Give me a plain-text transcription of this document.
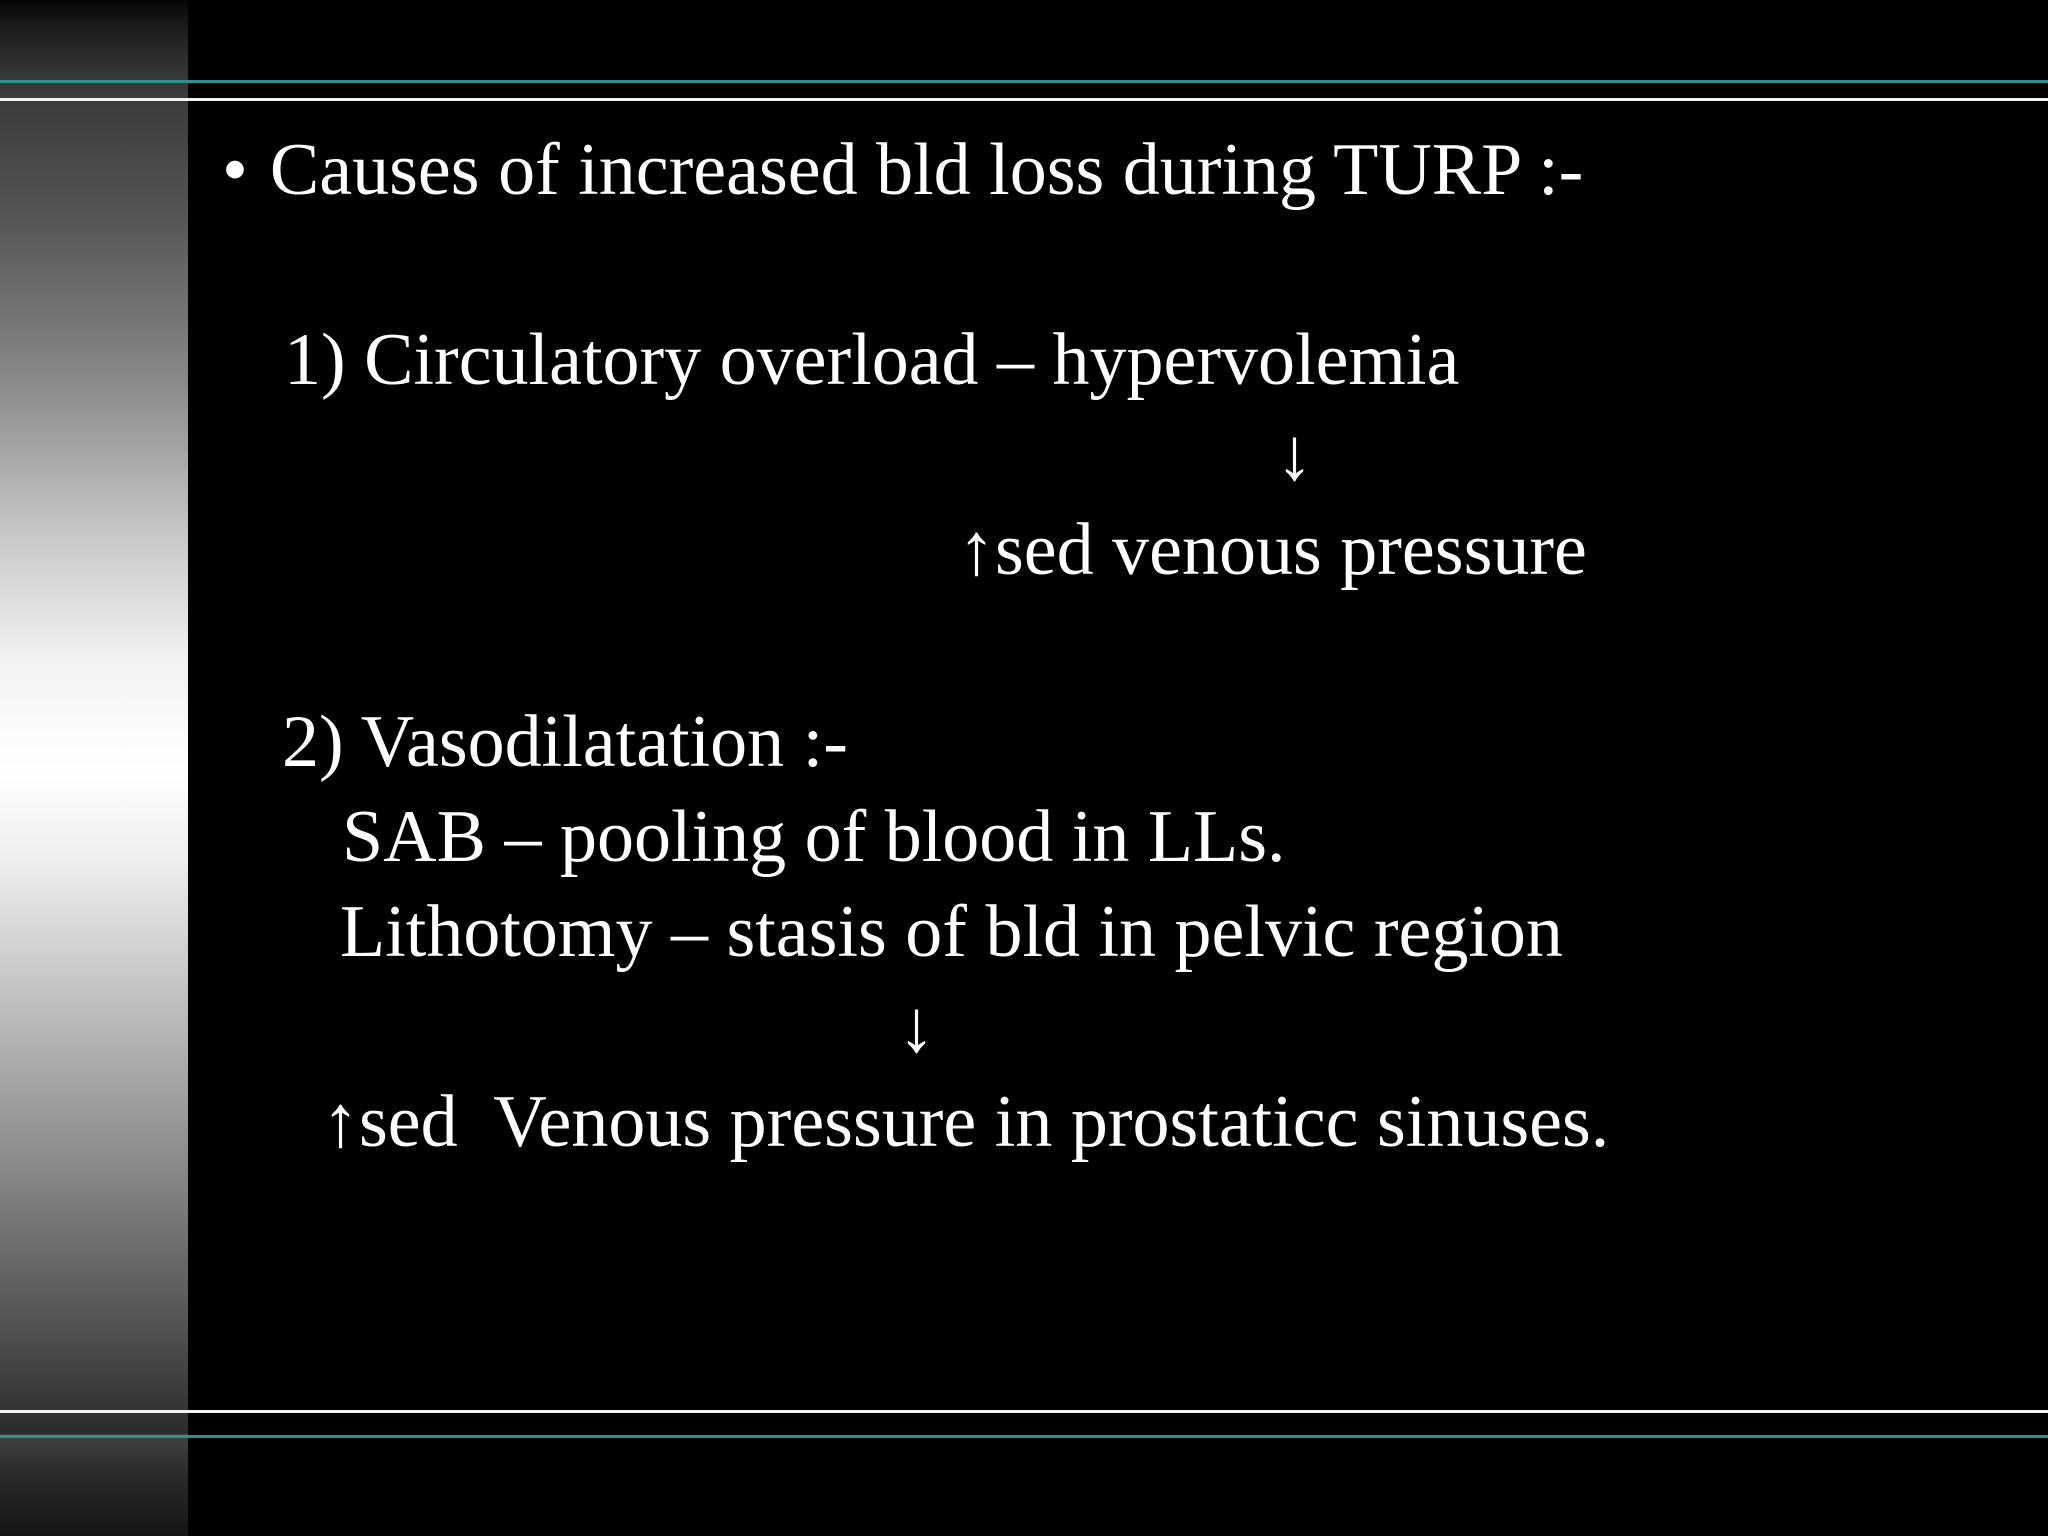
• Causes of increased bld loss during TURP :-
1) Circulatory overload – hypervolemia
↓
↑sed venous pressure
2) Vasodilatation :-
SAB – pooling of blood in LLs.
Lithotomy – stasis of bld in pelvic region
↓
↑sed  Venous pressure in prostaticc sinuses.
